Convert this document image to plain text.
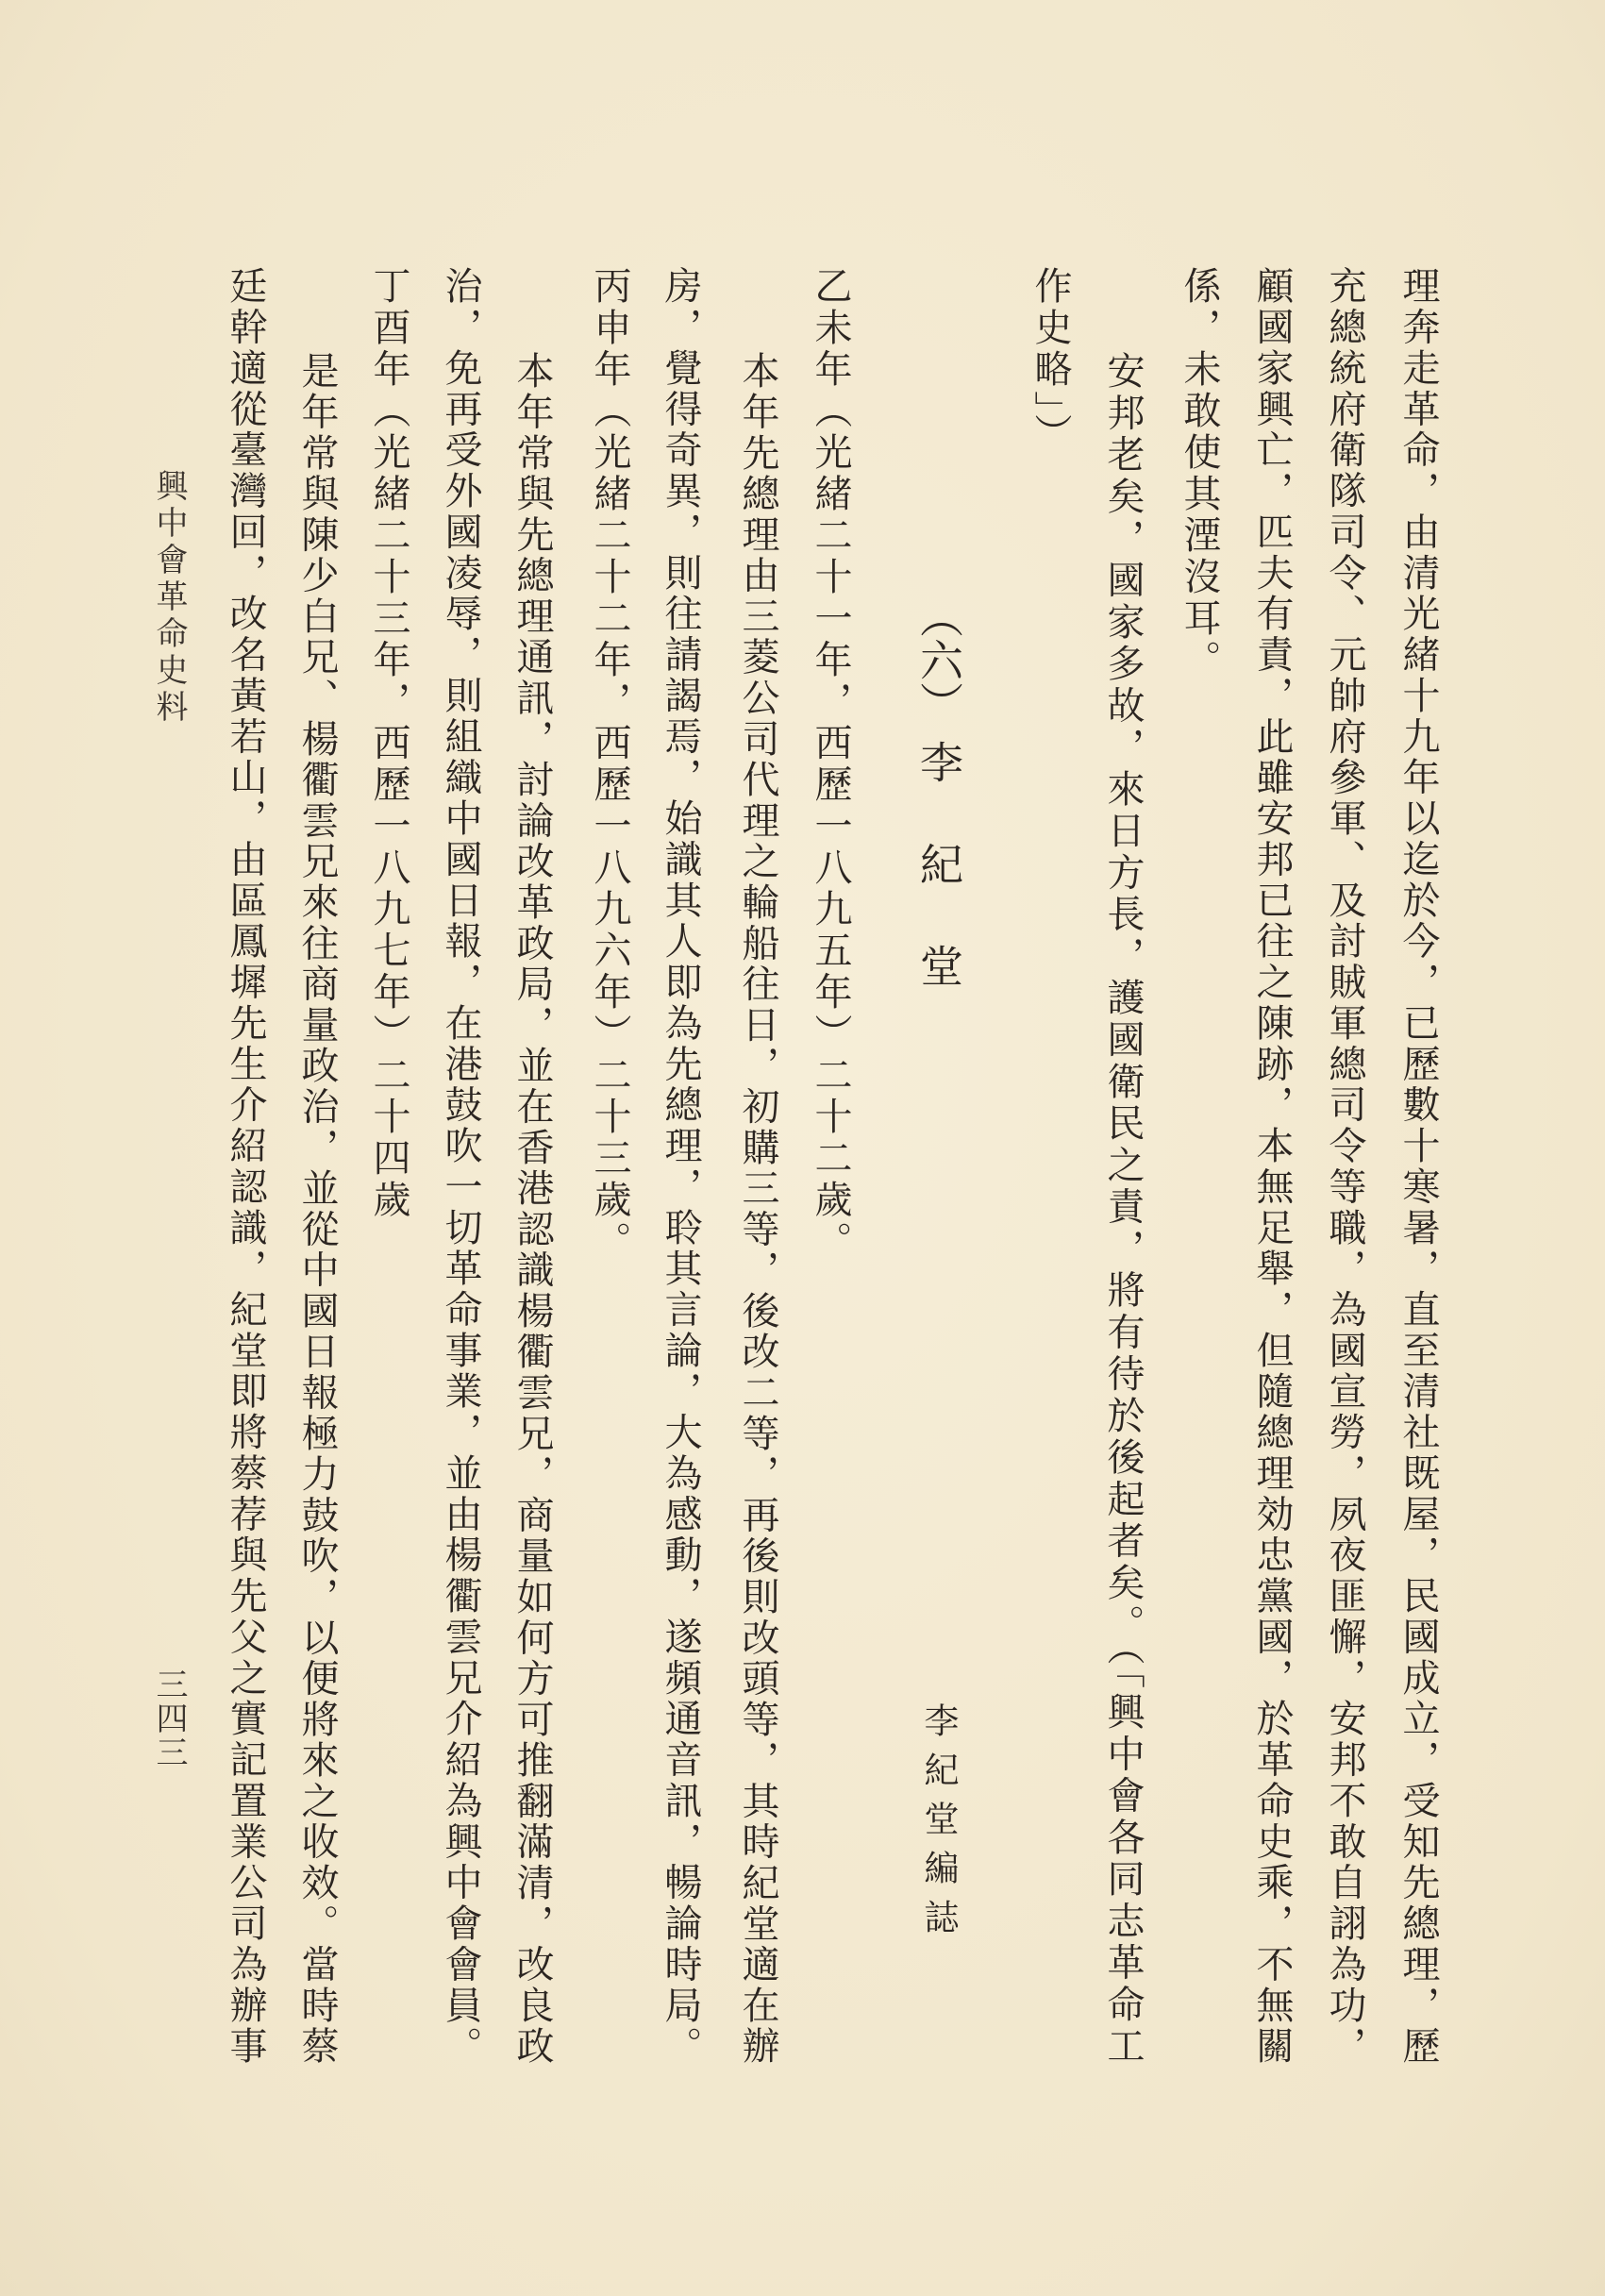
理奔走革命，由清光緒十九年以迄於今，已歷數十寒暑，直至清社既屋，民國成立，受知先總理，歷
充總統府衛隊司令、元帥府參軍、及討賊軍總司令等職，為國宣勞，夙夜匪懈，安邦不敢自詡為功，
顧國家興亡，匹夫有責，此雖安邦已往之陳跡，本無足舉，但隨總理効忠黨國，於革命史乘，不無關
係，未敢使其湮沒耳。
安邦老矣，國家多故，來日方長，護國衛民之責，將有待於後起者矣。（「興中會各同志革命工
作史略」）
（六）
李紀堂
李紀堂編誌
乙未年（光緒二十一年，西歷一八九五年）二十二歲。
本年先總理由三菱公司代理之輪船往日，初購三等，後改二等，再後則改頭等，其時紀堂適在辦
房，覺得奇異，則往請謁焉，始識其人即為先總理，聆其言論，大為感動，遂頻通音訊，暢論時局。
丙申年（光緒二十二年，西歷一八九六年）二十三歲。
本年常與先總理通訊，討論改革政局，並在香港認識楊衢雲兄，商量如何方可推翻滿清，改良政
治，免再受外國凌辱，則組織中國日報，在港鼓吹一切革命事業，並由楊衢雲兄介紹為興中會會員。
丁酉年（光緒二十三年，西歷一八九七年）二十四歲
是年常與陳少白兄、楊衢雲兄來往商量政治，並從中國日報極力鼓吹，以便將來之收效。當時蔡
廷幹適從臺灣回，改名黃若山，由區鳳墀先生介紹認識，紀堂即將蔡荐與先父之實記置業公司為辦事
興中會革命史料
三四三
